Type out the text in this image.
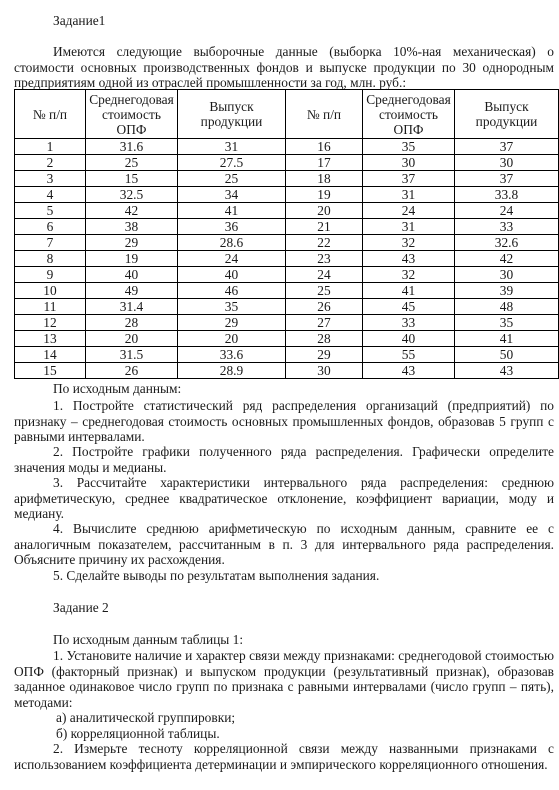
Задание1

Имеются следующие выборочные данные (выборка 10%-ная механическая) о стоимости основных производственных фондов и выпуске продукции по 30 однородным предприятиям одной из отраслей промышленности за год, млн. руб.:

№ п/п	Среднегодовая стоимость ОПФ	Выпуск продукции	№ п/п	Среднегодовая стоимость ОПФ	Выпуск продукции
1	31.6	31	16	35	37
2	25	27.5	17	30	30
3	15	25	18	37	37
4	32.5	34	19	31	33.8
5	42	41	20	24	24
6	38	36	21	31	33
7	29	28.6	22	32	32.6
8	19	24	23	43	42
9	40	40	24	32	30
10	49	46	25	41	39
11	31.4	35	26	45	48
12	28	29	27	33	35
13	20	20	28	40	41
14	31.5	33.6	29	55	50
15	26	28.9	30	43	43

По исходным данным:

1. Постройте статистический ряд распределения организаций (предприятий) по признаку – среднегодовая стоимость основных промышленных фондов, образовав 5 групп с равными интервалами.

2. Постройте графики полученного ряда распределения. Графически определите значения моды и медианы.

3. Рассчитайте характеристики интервального ряда распределения: среднюю арифметическую, среднее квадратическое отклонение, коэффициент вариации, моду и медиану.

4. Вычислите среднюю арифметическую по исходным данным, сравните ее с аналогичным показателем, рассчитанным в п. 3 для интервального ряда распределения. Объясните причину их расхождения.

5. Сделайте выводы по результатам выполнения задания.

Задание 2

По исходным данным таблицы 1:

1. Установите наличие и характер связи между признаками: среднегодовой стоимостью ОПФ (факторный признак) и выпуском продукции (результативный признак), образовав заданное одинаковое число групп по признака с равными интервалами (число групп – пять), методами:

а) аналитической группировки;

б) корреляционной таблицы.

2. Измерьте тесноту корреляционной связи между названными признаками с использованием коэффициента детерминации и эмпирического корреляционного отношения.
